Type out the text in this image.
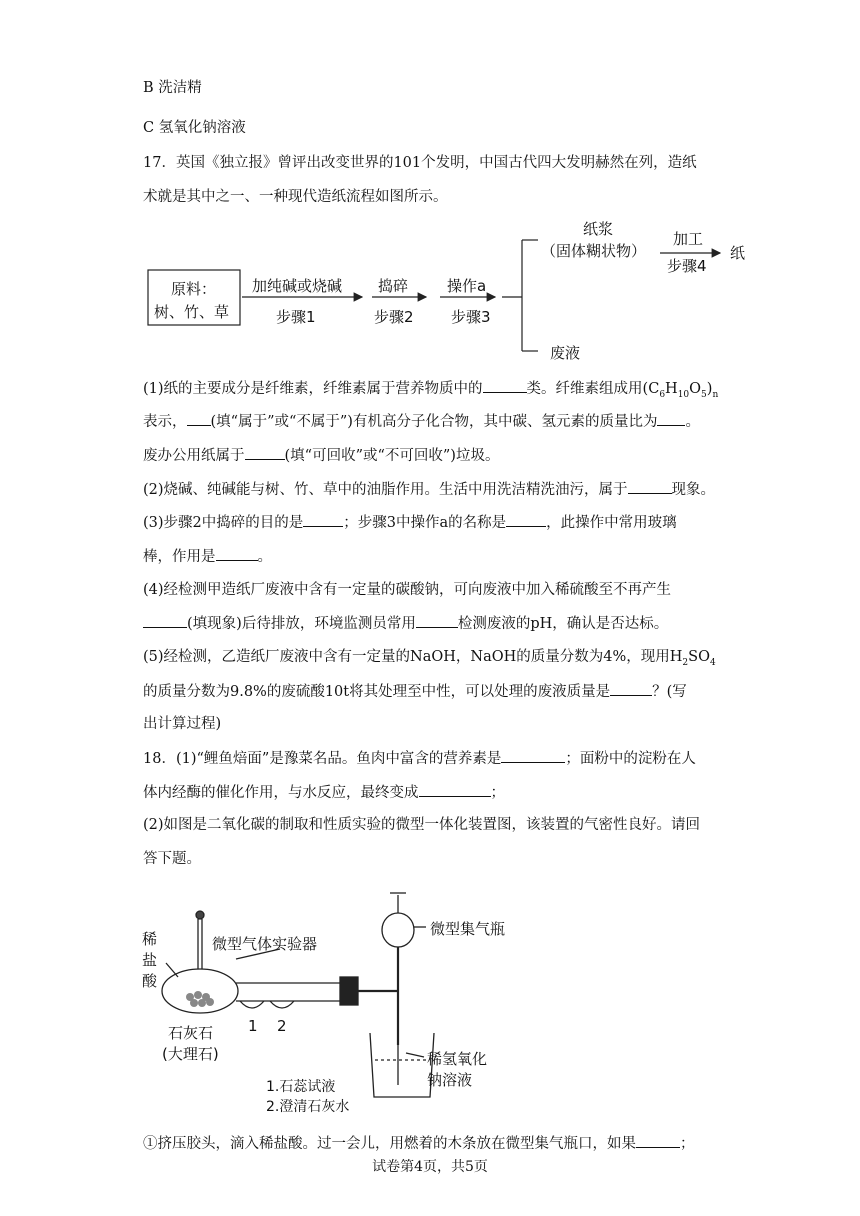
B 洗洁精
C 氢氧化钠溶液
17．英国《独立报》曾评出改变世界的101个发明，中国古代四大发明赫然在列，造纸
术就是其中之一、一种现代造纸流程如图所示。
原料：
树、竹、草
加纯碱或烧碱
步骤1
捣碎
步骤2
操作a
步骤3
纸浆
（固体糊状物）
加工
步骤4
纸
废液
(1)纸的主要成分是纤维素，纤维素属于营养物质中的	类。纤维素组成用$(C_6H_{10}O_5)_n$
表示， (填“属于”或“不属于”)有机高分子化合物，其中碳、氢元素的质量比为 。
废办公用纸属于	(填“可回收”或“不可回收”)垃圾。
(2)烧碱、纯碱能与树、竹、草中的油脂作用。生活中用洗洁精洗油污，属于	现象。
(3)步骤2中捣碎的目的是	；步骤3中操作a的名称是	，此操作中常用玻璃
棒，作用是	。
(4)经检测甲造纸厂废液中含有一定量的碳酸钠，可向废液中加入稀硫酸至不再产生
(填现象)后待排放，环境监测员常用	检测废液的pH，确认是否达标。
(5)经检测，乙造纸厂废液中含有一定量的NaOH，NaOH的质量分数为4%，现用$H_2SO_4$
的质量分数为9.8%的废硫酸10t将其处理至中性，可以处理的废液质量是	？(写
出计算过程)
18．(1)“鲤鱼焙面”是豫菜名品。鱼肉中富含的营养素是	；面粉中的淀粉在人
体内经酶的催化作用，与水反应，最终变成	；
(2)如图是二氧化碳的制取和性质实验的微型一体化装置图，该装置的气密性良好。请回
答下题。
稀
盐
酸
微型气体实验器
微型集气瓶
石灰石
(大理石)
1 2
稀氢氧化
钠溶液
1.石蕊试液
2.澄清石灰水
①挤压胶头，滴入稀盐酸。过一会儿，用燃着的木条放在微型集气瓶口，如果	；
试卷第4页，共5页
